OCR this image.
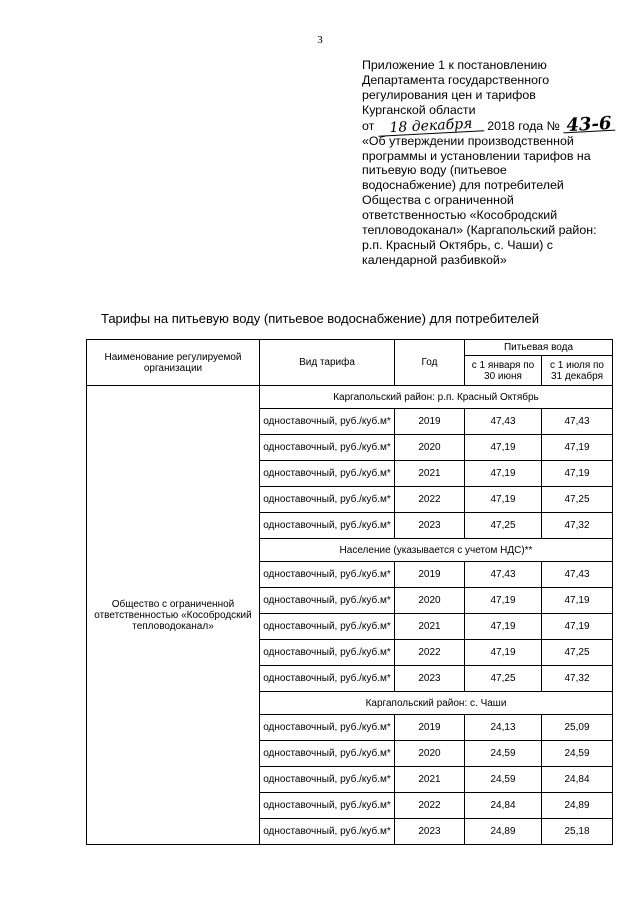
3
Приложение 1 к постановлению
Департамента государственного
регулирования цен и тарифов
Курганской области
от 18 декабря 2018 года № 43-6
«Об утверждении производственной
программы и установлении тарифов на
питьевую воду (питьевое
водоснабжение) для потребителей
Общества с ограниченной
ответственностью «Кособродский
тепловодоканал» (Каргапольский район:
р.п. Красный Октябрь, с. Чаши) с
календарной разбивкой»
Тарифы на питьевую воду (питьевое водоснабжение) для потребителей
Наименование регулируемой организации	Вид тарифа	Год	Питьевая вода	
			с 1 января по 30 июня	с 1 июля по 31 декабря
Общество с ограниченной ответственностью «Кособродский тепловодоканал»	Каргапольский район: р.п. Красный Октябрь			
	одноставочный, руб./куб.м*	2019	47,43	47,43
	одноставочный, руб./куб.м*	2020	47,19	47,19
	одноставочный, руб./куб.м*	2021	47,19	47,19
	одноставочный, руб./куб.м*	2022	47,19	47,25
	одноставочный, руб./куб.м*	2023	47,25	47,32
	Население (указывается с учетом НДС)**			
	одноставочный, руб./куб.м*	2019	47,43	47,43
	одноставочный, руб./куб.м*	2020	47,19	47,19
	одноставочный, руб./куб.м*	2021	47,19	47,19
	одноставочный, руб./куб.м*	2022	47,19	47,25
	одноставочный, руб./куб.м*	2023	47,25	47,32
	Каргапольский район: с. Чаши			
	одноставочный, руб./куб.м*	2019	24,13	25,09
	одноставочный, руб./куб.м*	2020	24,59	24,59
	одноставочный, руб./куб.м*	2021	24,59	24,84
	одноставочный, руб./куб.м*	2022	24,84	24,89
	одноставочный, руб./куб.м*	2023	24,89	25,18
